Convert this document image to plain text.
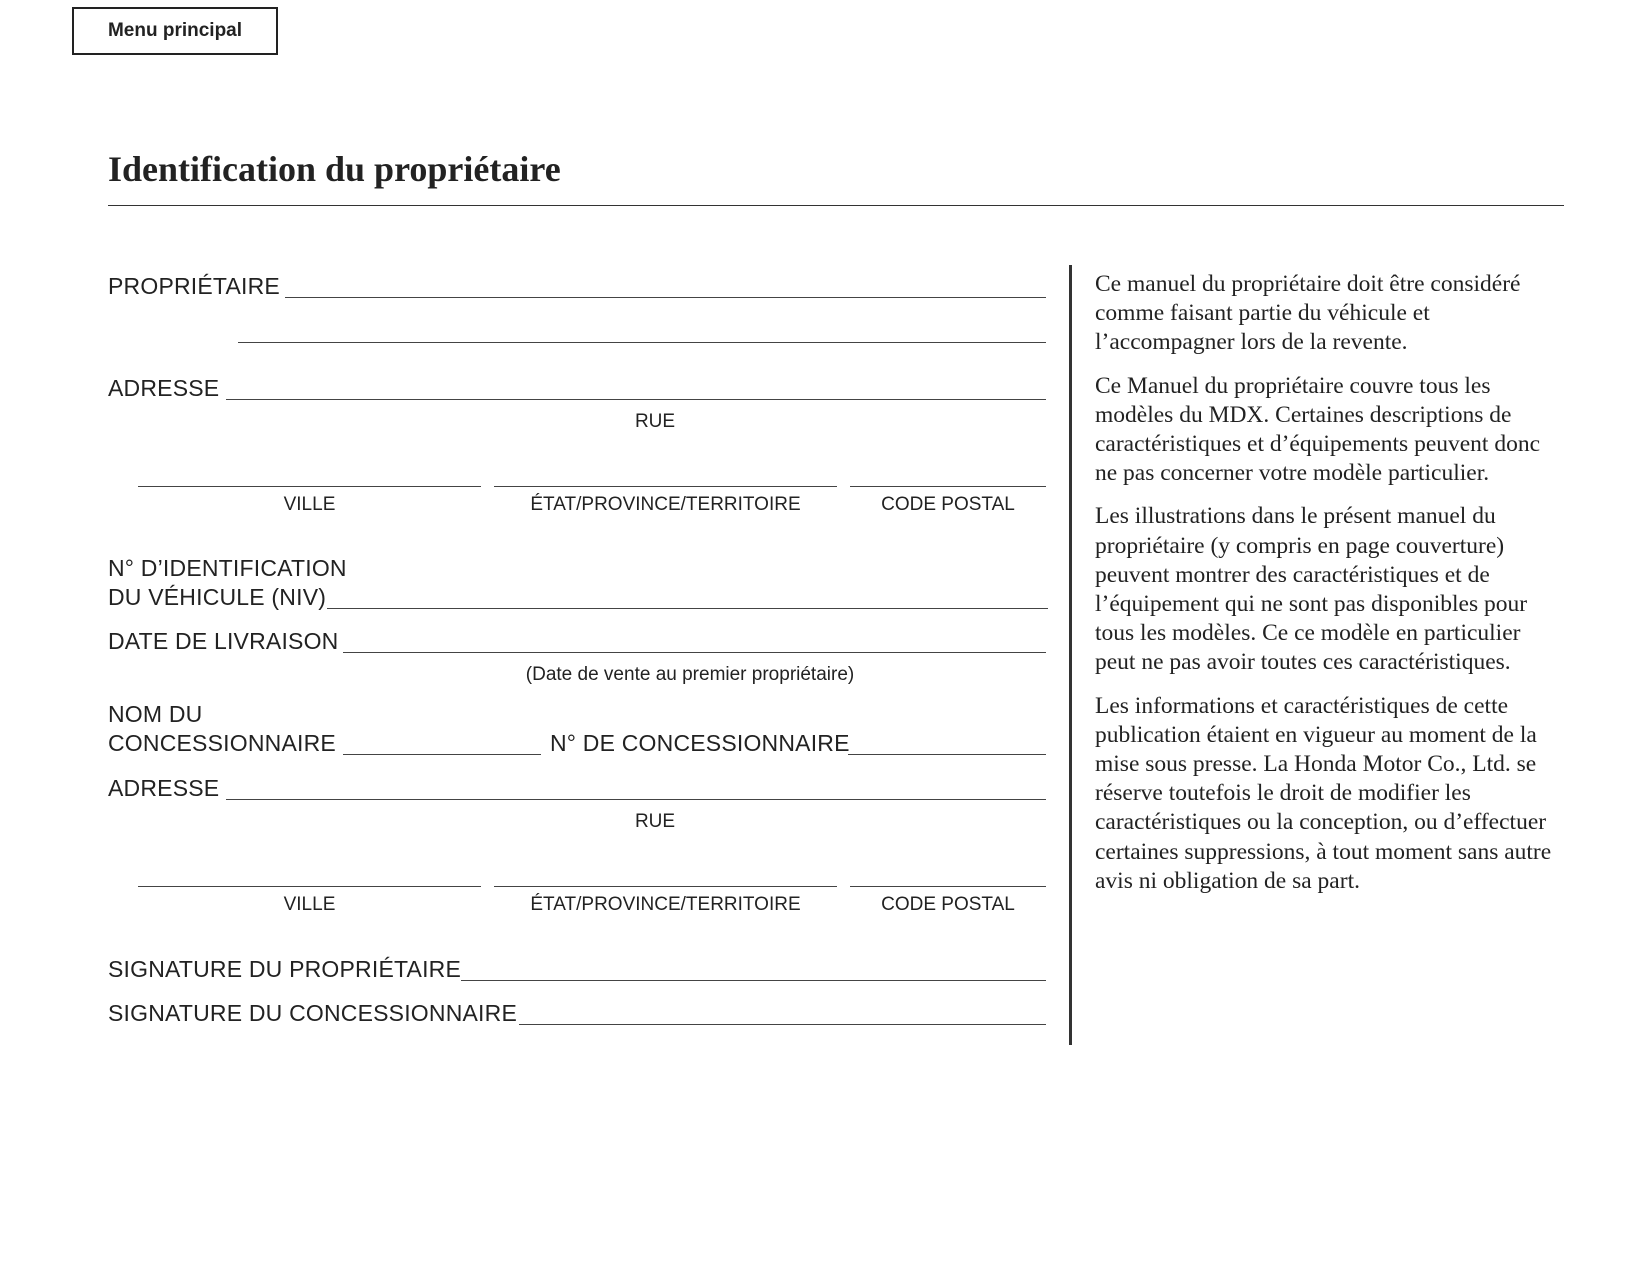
Menu principal
Identification du propriétaire
PROPRIÉTAIRE
ADRESSE
RUE
VILLE	ÉTAT/PROVINCE/TERRITOIRE	CODE POSTAL
N° D’IDENTIFICATION
DU VÉHICULE (NIV)
DATE DE LIVRAISON
(Date de vente au premier propriétaire)
NOM DU
CONCESSIONNAIRE	N° DE CONCESSIONNAIRE
ADRESSE
RUE
VILLE	ÉTAT/PROVINCE/TERRITOIRE	CODE POSTAL
SIGNATURE DU PROPRIÉTAIRE
SIGNATURE DU CONCESSIONNAIRE

Ce manuel du propriétaire doit être considéré comme faisant partie du véhicule et l’accompagner lors de la revente.

Ce Manuel du propriétaire couvre tous les modèles du MDX. Certaines descriptions de caractéristiques et d’équipements peuvent donc ne pas concerner votre modèle particulier.

Les illustrations dans le présent manuel du propriétaire (y compris en page couverture) peuvent montrer des caractéristiques et de l’équipement qui ne sont pas disponibles pour tous les modèles. Ce ce modèle en particulier peut ne pas avoir toutes ces caractéristiques.

Les informations et caractéristiques de cette publication étaient en vigueur au moment de la mise sous presse. La Honda Motor Co., Ltd. se réserve toutefois le droit de modifier les caractéristiques ou la conception, ou d’effectuer certaines suppressions, à tout moment sans autre avis ni obligation de sa part.
